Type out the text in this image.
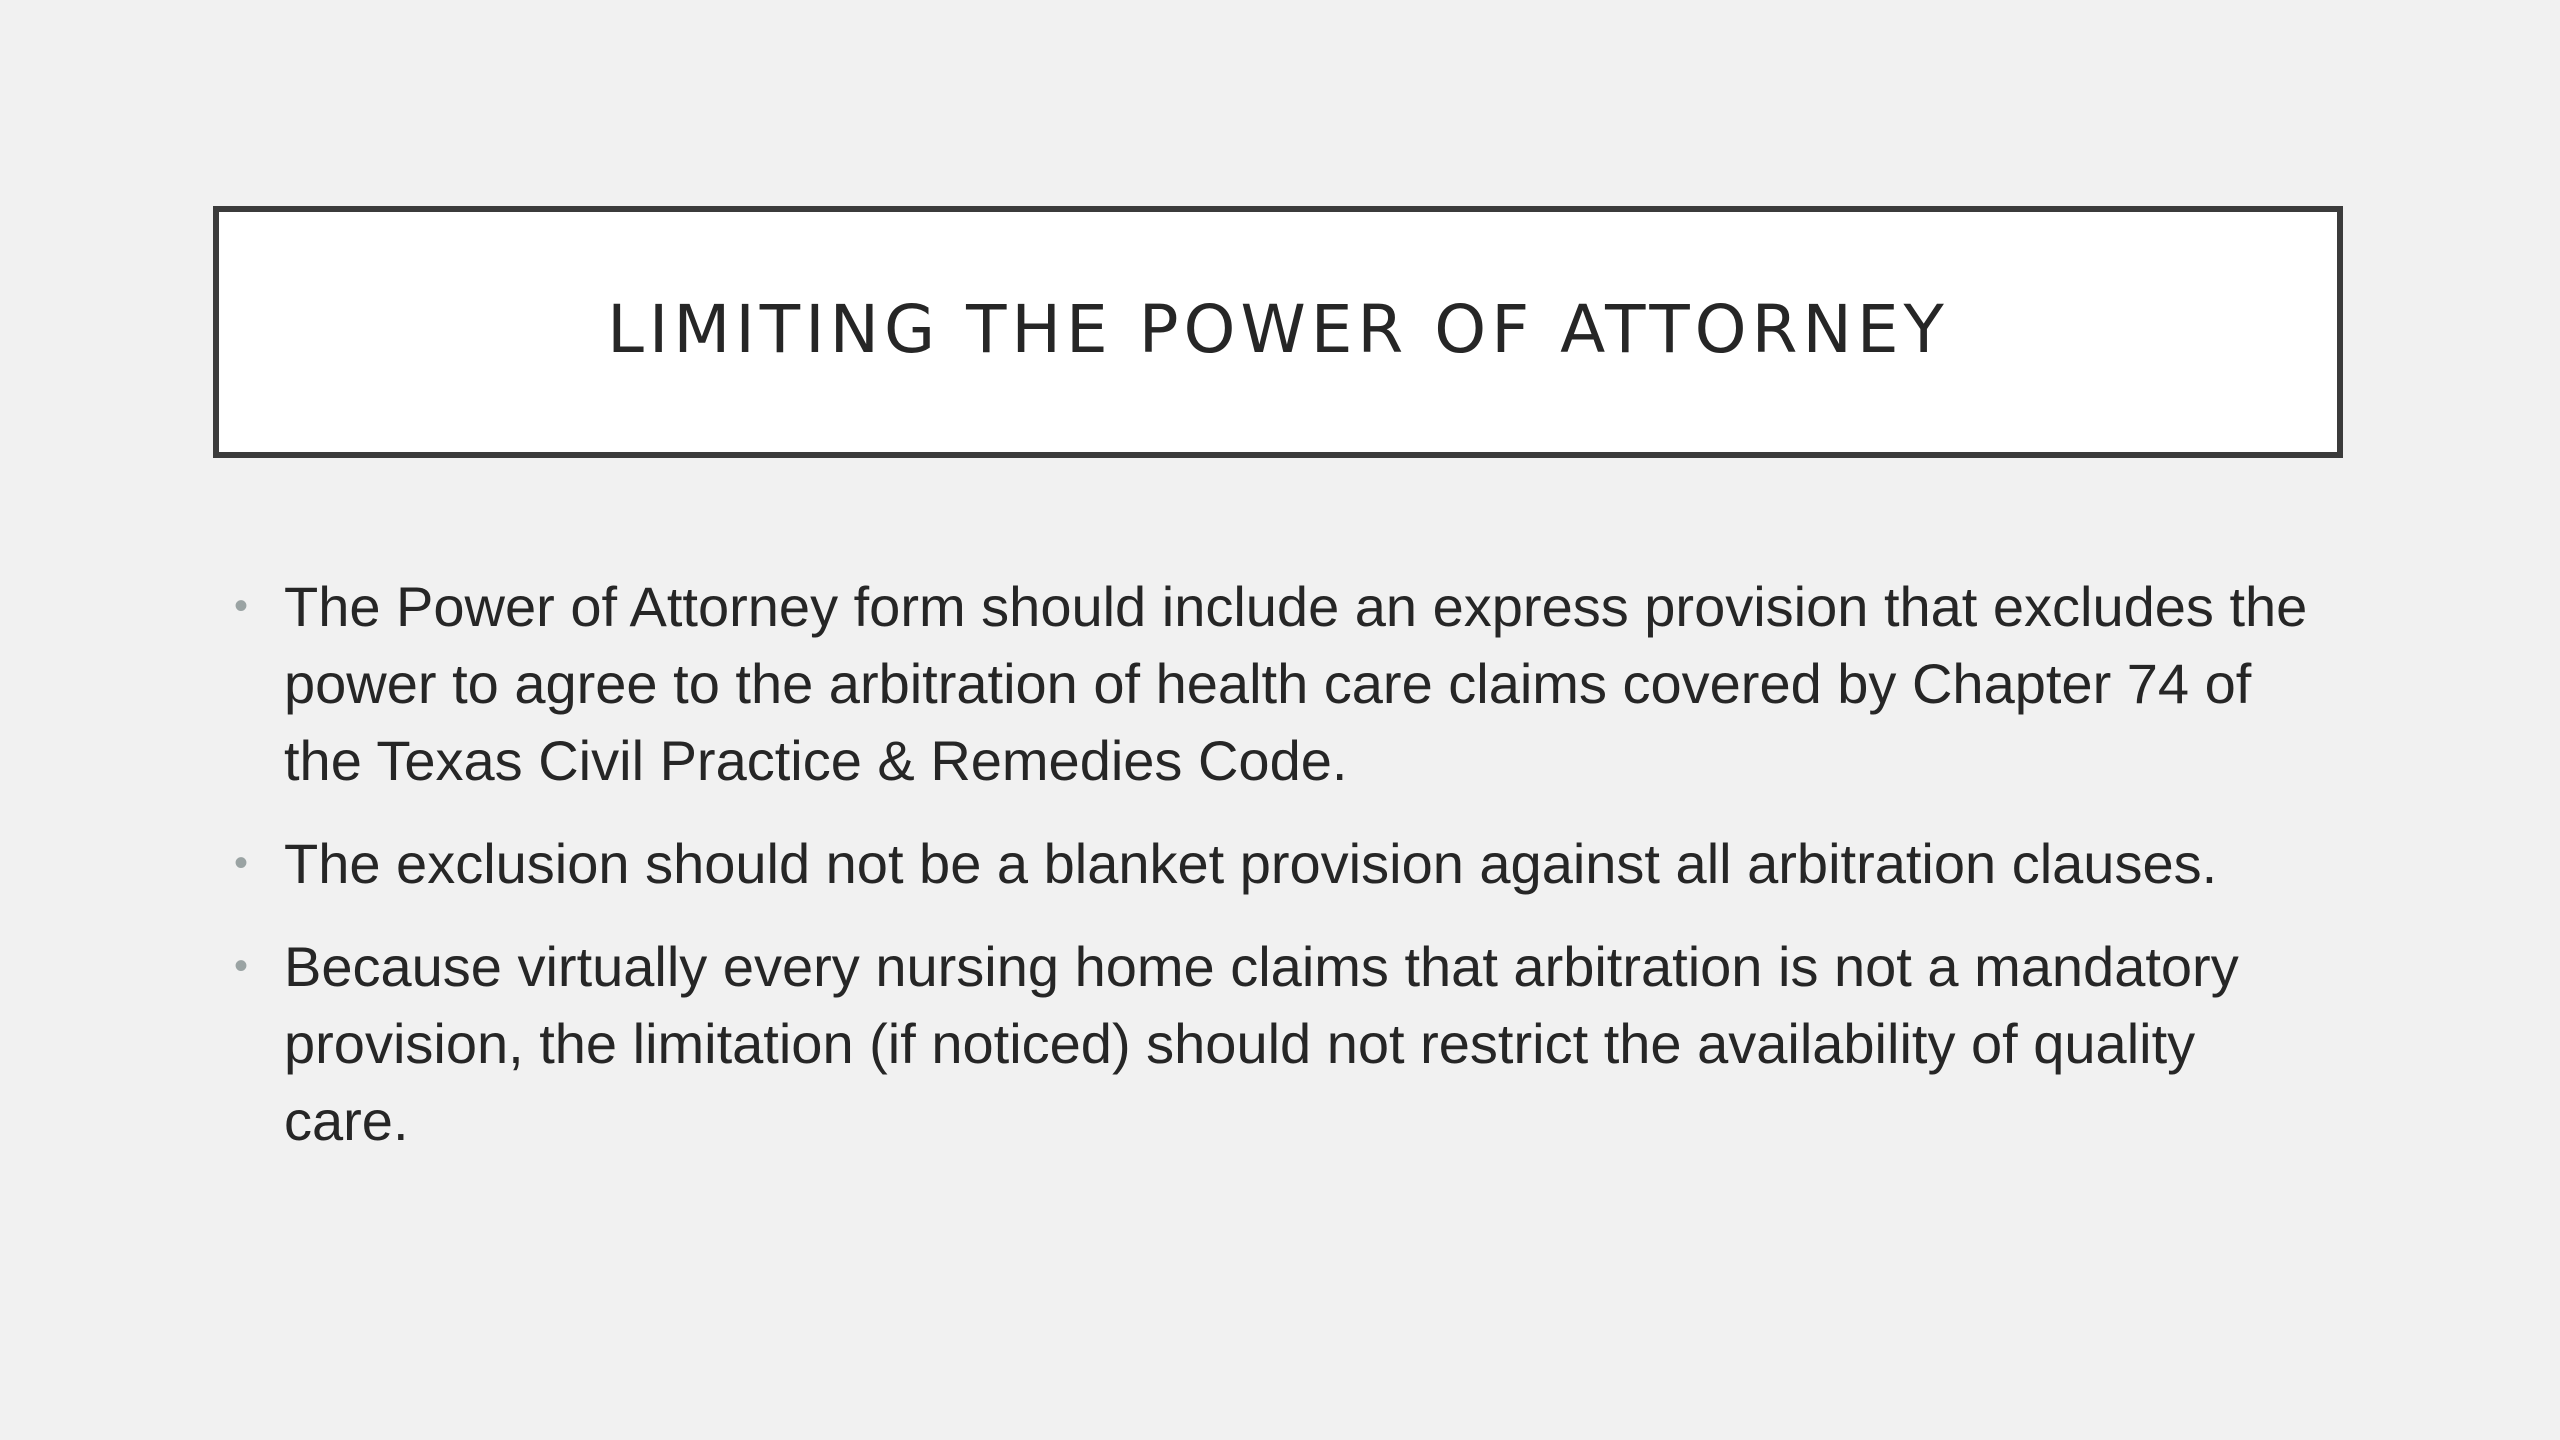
LIMITING THE POWER OF ATTORNEY
• The Power of Attorney form should include an express provision that excludes the power to agree to the arbitration of health care claims covered by Chapter 74 of the Texas Civil Practice & Remedies Code.
• The exclusion should not be a blanket provision against all arbitration clauses.
• Because virtually every nursing home claims that arbitration is not a mandatory provision, the limitation (if noticed) should not restrict the availability of quality care.
